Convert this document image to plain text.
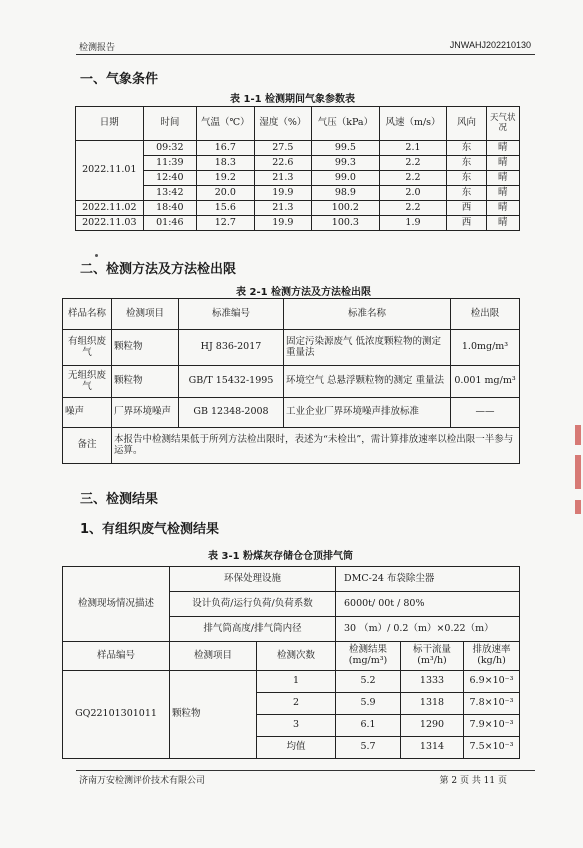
检测报告	JNWAHJ202210130
一、气象条件
表 1-1 检测期间气象参数表
日期	时间	气温（℃）	湿度（%）	气压（kPa）	风速（m/s）	风向	天气状况
2022.11.01	09:32	16.7	27.5	99.5	2.1	东	晴
	11:39	18.3	22.6	99.3	2.2	东	晴
	12:40	19.2	21.3	99.0	2.2	东	晴
	13:42	20.0	19.9	98.9	2.0	东	晴
2022.11.02	18:40	15.6	21.3	100.2	2.2	西	晴
2022.11.03	01:46	12.7	19.9	100.3	1.9	西	晴
二、检测方法及方法检出限
表 2-1 检测方法及方法检出限
样品名称	检测项目	标准编号	标准名称	检出限
有组织废气	颗粒物	HJ 836-2017	固定污染源废气 低浓度颗粒物的测定 重量法	1.0mg/m³
无组织废气	颗粒物	GB/T 15432-1995	环境空气 总悬浮颗粒物的测定 重量法	0.001 mg/m³
噪声	厂界环境噪声	GB 12348-2008	工业企业厂界环境噪声排放标准	——
备注	本报告中检测结果低于所列方法检出限时，表述为“未检出”，需计算排放速率以检出限一半参与运算。			
三、检测结果
1、有组织废气检测结果
表 3-1 粉煤灰存储仓仓顶排气筒
检测现场情况描述	环保处理设施		DMC-24 布袋除尘器		
	设计负荷/运行负荷/负荷系数		6000t/ 00t / 80%		
	排气筒高度/排气筒内径		30 （m）/ 0.2（m）×0.22（m）		
样品编号	检测项目	检测次数	检测结果(mg/m³)	标干流量(m³/h)	排放速率(kg/h)
GQ22101301011	颗粒物	1	5.2	1333	6.9×10⁻³
		2	5.9	1318	7.8×10⁻³
		3	6.1	1290	7.9×10⁻³
		均值	5.7	1314	7.5×10⁻³
济南万安检测评价技术有限公司	第 2 页 共 11 页
